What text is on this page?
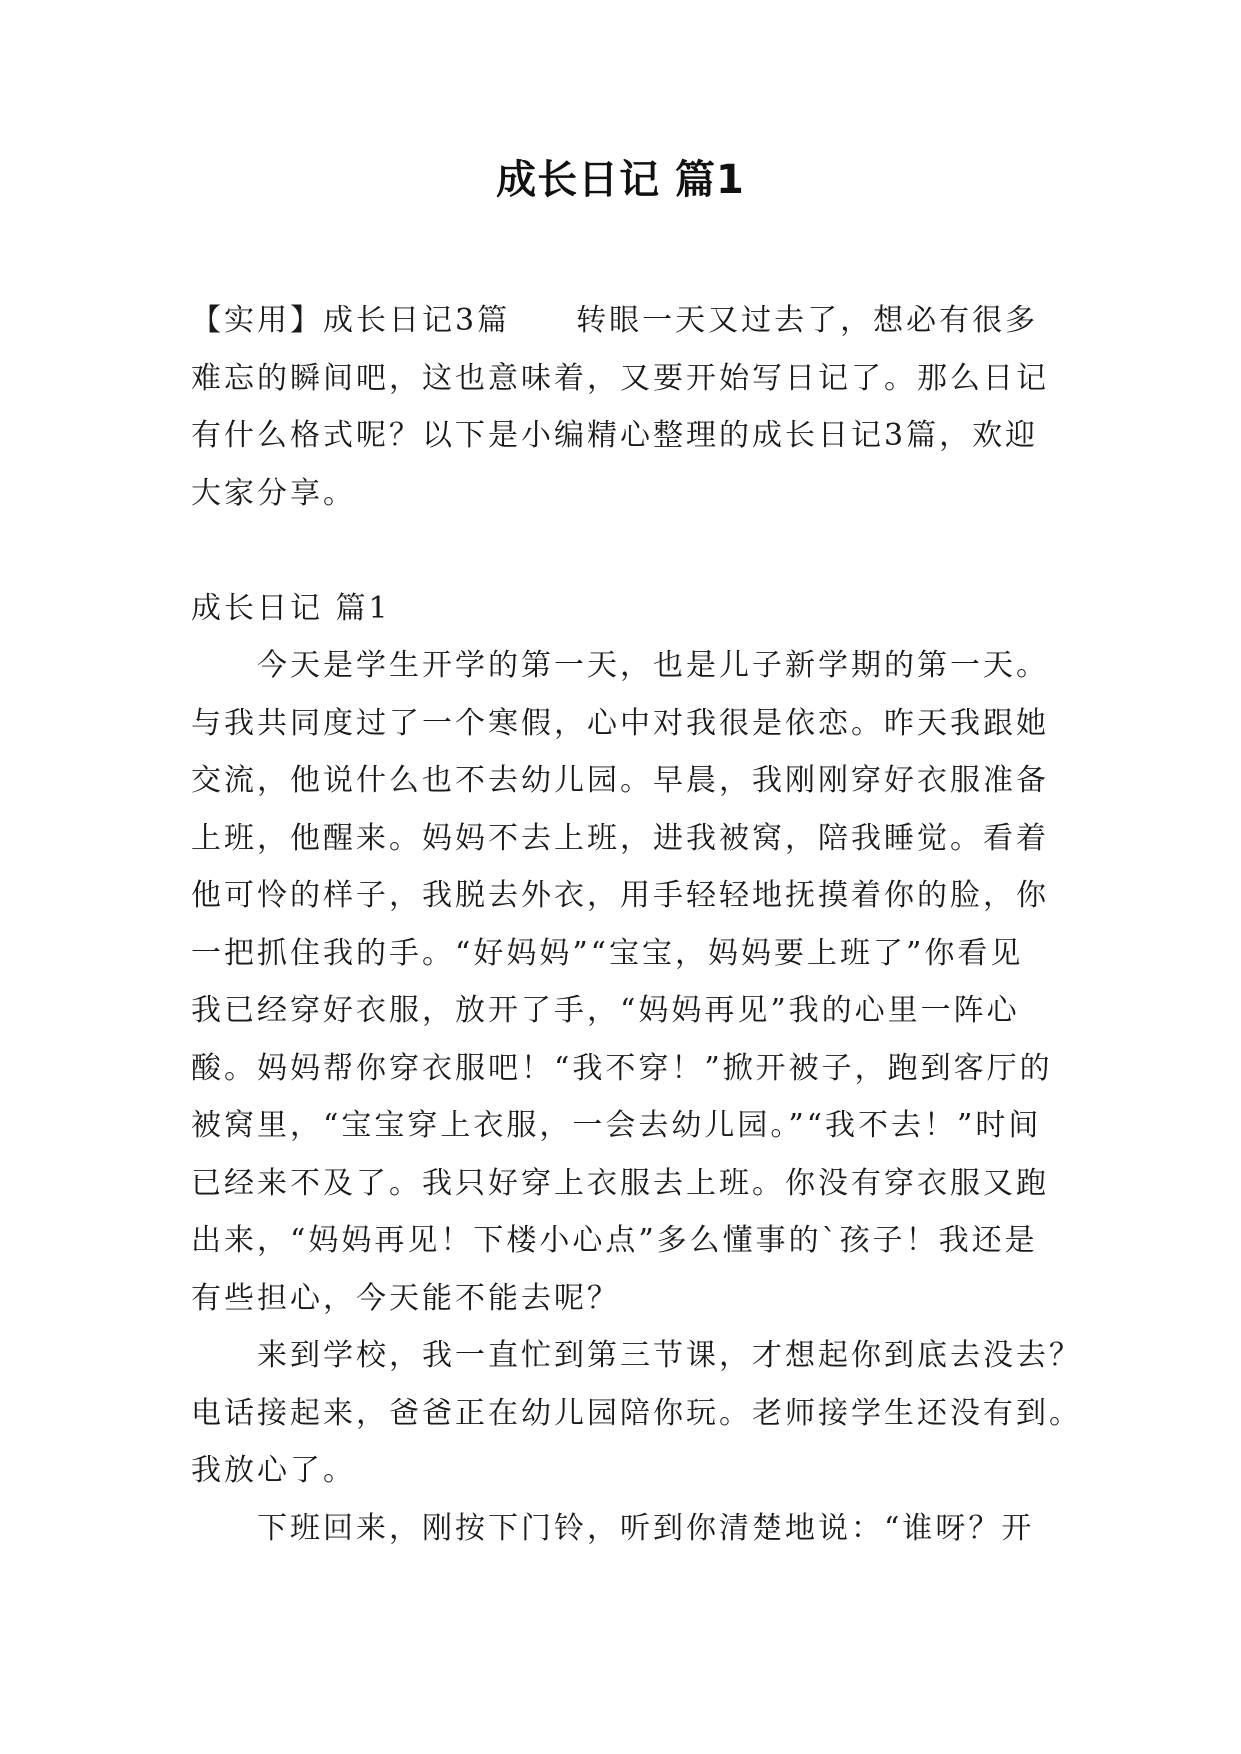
成长日记 篇1

【实用】成长日记3篇　　转眼一天又过去了，想必有很多

难忘的瞬间吧，这也意味着，又要开始写日记了。那么日记

有什么格式呢？以下是小编精心整理的成长日记3篇，欢迎

大家分享。

成长日记 篇1

　　今天是学生开学的第一天，也是儿子新学期的第一天。

与我共同度过了一个寒假，心中对我很是依恋。昨天我跟她

交流，他说什么也不去幼儿园。早晨，我刚刚穿好衣服准备

上班，他醒来。妈妈不去上班，进我被窝，陪我睡觉。看着

他可怜的样子，我脱去外衣，用手轻轻地抚摸着你的脸，你

一把抓住我的手。“好妈妈”“宝宝，妈妈要上班了”你看见

我已经穿好衣服，放开了手，“妈妈再见”我的心里一阵心

酸。妈妈帮你穿衣服吧！“我不穿！”掀开被子，跑到客厅的

被窝里，“宝宝穿上衣服，一会去幼儿园。”“我不去！”时间

已经来不及了。我只好穿上衣服去上班。你没有穿衣服又跑

出来，“妈妈再见！下楼小心点”多么懂事的`孩子！我还是

有些担心，今天能不能去呢？

　　来到学校，我一直忙到第三节课，才想起你到底去没去？

电话接起来，爸爸正在幼儿园陪你玩。老师接学生还没有到。

我放心了。

　　下班回来，刚按下门铃，听到你清楚地说：“谁呀？开
